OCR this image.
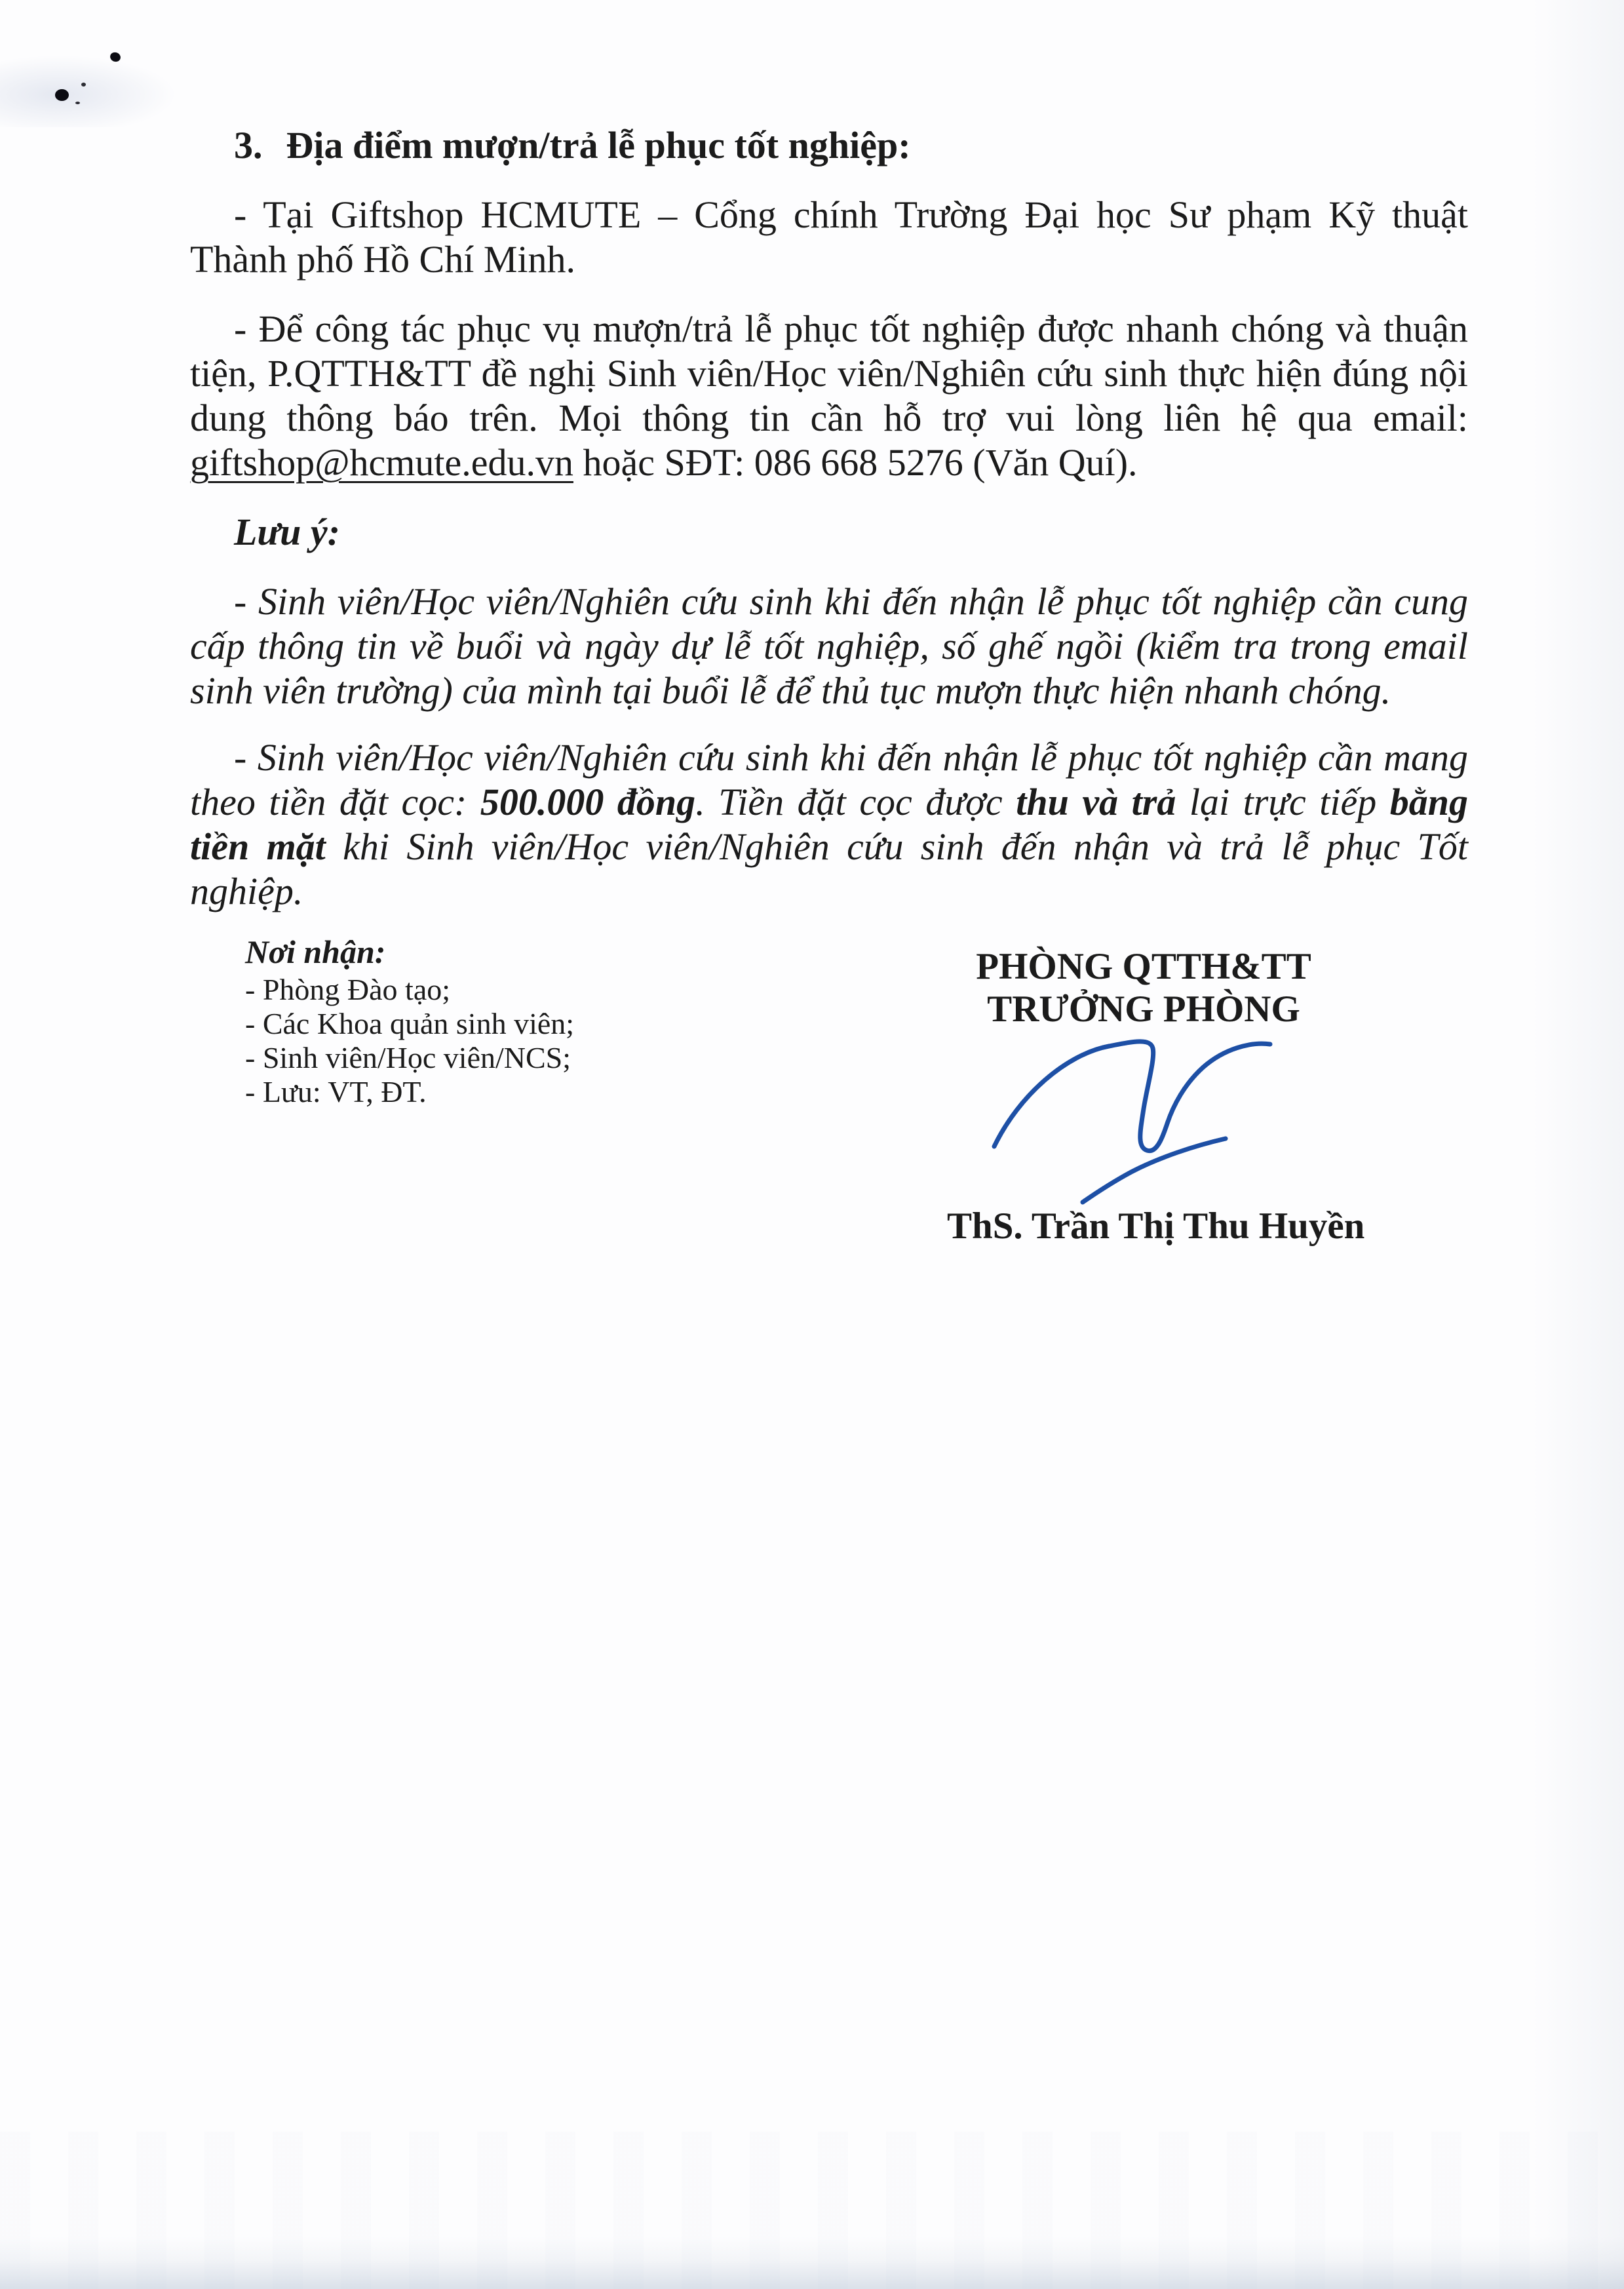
3. Địa điểm mượn/trả lễ phục tốt nghiệp:
- Tại Giftshop HCMUTE – Cổng chính Trường Đại học Sư phạm Kỹ thuật Thành phố Hồ Chí Minh.
- Để công tác phục vụ mượn/trả lễ phục tốt nghiệp được nhanh chóng và thuận tiện, P.QTTH&TT đề nghị Sinh viên/Học viên/Nghiên cứu sinh thực hiện đúng nội dung thông báo trên. Mọi thông tin cần hỗ trợ vui lòng liên hệ qua email: giftshop@hcmute.edu.vn hoặc SĐT: 086 668 5276 (Văn Quí).
Lưu ý:
- Sinh viên/Học viên/Nghiên cứu sinh khi đến nhận lễ phục tốt nghiệp cần cung cấp thông tin về buổi và ngày dự lễ tốt nghiệp, số ghế ngồi (kiểm tra trong email sinh viên trường) của mình tại buổi lễ để thủ tục mượn thực hiện nhanh chóng.
- Sinh viên/Học viên/Nghiên cứu sinh khi đến nhận lễ phục tốt nghiệp cần mang theo tiền đặt cọc: 500.000 đồng. Tiền đặt cọc được thu và trả lại trực tiếp bằng tiền mặt khi Sinh viên/Học viên/Nghiên cứu sinh đến nhận và trả lễ phục Tốt nghiệp.
Nơi nhận:
- Phòng Đào tạo;
- Các Khoa quản sinh viên;
- Sinh viên/Học viên/NCS;
- Lưu: VT, ĐT.
PHÒNG QTTH&TT
TRƯỞNG PHÒNG
ThS. Trần Thị Thu Huyền
